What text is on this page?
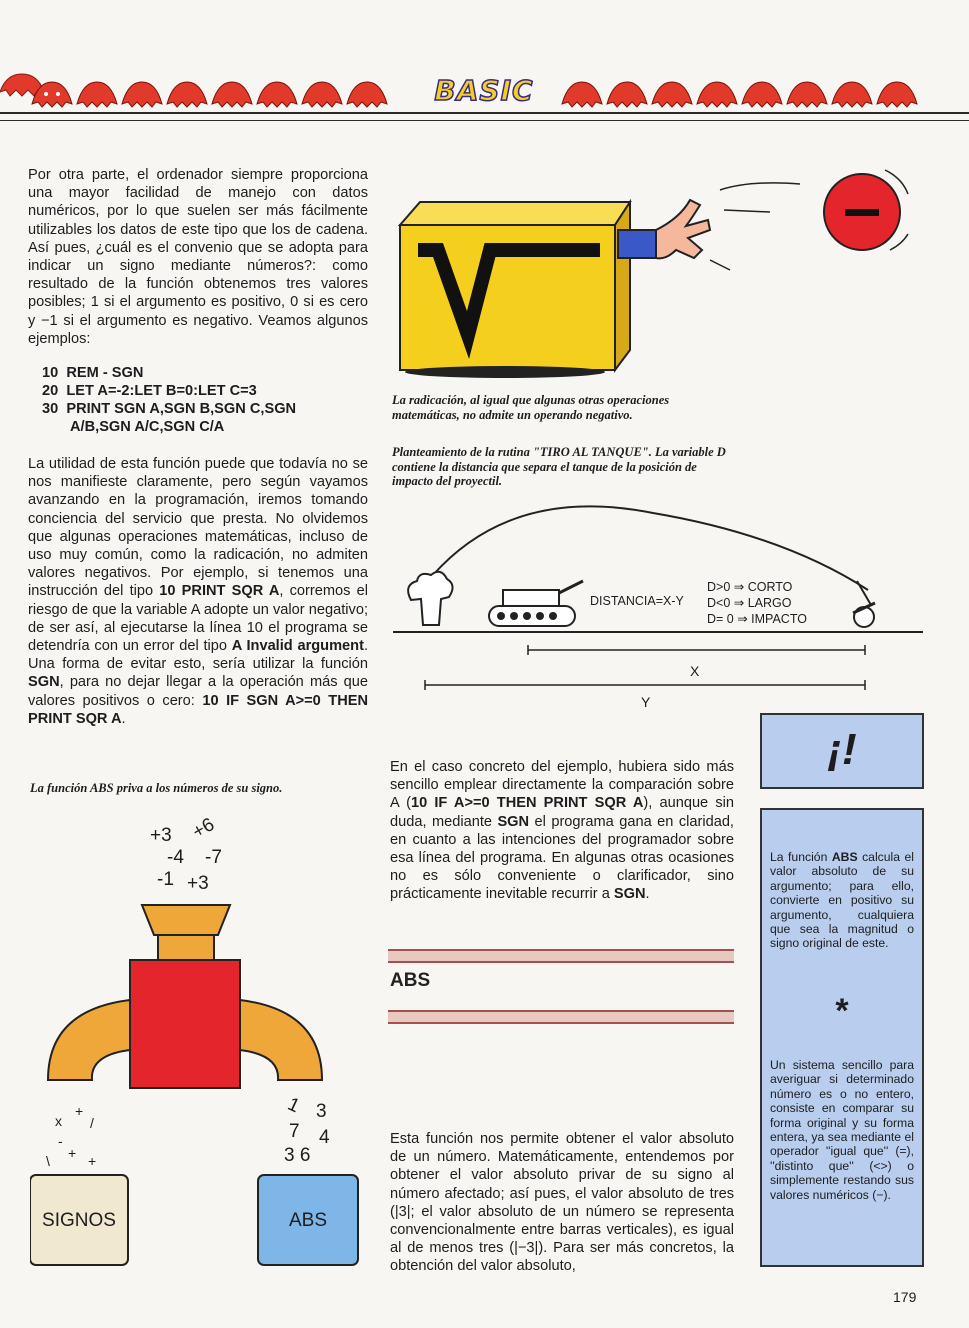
BASIC

Por otra parte, el ordenador siempre proporciona una mayor facilidad de manejo con datos numéricos, por lo que suelen ser más fácilmente utilizables los datos de este tipo que los de cadena. Así pues, ¿cuál es el convenio que se adopta para indicar un signo mediante números?: como resultado de la función obtenemos tres valores posibles; 1 si el argumento es positivo, 0 si es cero y −1 si el argumento es negativo. Veamos algunos ejemplos:

10  REM - SGN
20  LET A=-2:LET B=0:LET C=3
30  PRINT SGN A,SGN B,SGN C,SGN
A/B,SGN A/C,SGN C/A

La utilidad de esta función puede que todavía no se nos manifieste claramente, pero según vayamos avanzando en la programación, iremos tomando conciencia del servicio que presta. No olvidemos que algunas operaciones matemáticas, incluso de uso muy común, como la radicación, no admiten valores negativos. Por ejemplo, si tenemos una instrucción del tipo 10 PRINT SQR A, corremos el riesgo de que la variable A adopte un valor negativo; de ser así, al ejecutarse la línea 10 el programa se detendría con un error del tipo A Invalid argument. Una forma de evitar esto, sería utilizar la función SGN, para no dejar llegar a la operación más que valores positivos o cero: 10 IF SGN A>=0 THEN PRINT SQR A.

La función ABS priva a los números de su signo.
+3 +6
-4 -7
-1 +3
1 3
7 4
3 6
x
+
/
-
+
\	+
SIGNOS	ABS
La radicación, al igual que algunas otras operaciones matemáticas, no admite un operando negativo.
Planteamiento de la rutina "TIRO AL TANQUE". La variable D contiene la distancia que separa el tanque de la posición de impacto del proyectil.
DISTANCIA=X-Y
D>0 ⇒ CORTO
D<0 ⇒ LARGO
D= 0 ⇒ IMPACTO
X
Y

En el caso concreto del ejemplo, hubiera sido más sencillo emplear directamente la comparación sobre A (10 IF A>=0 THEN PRINT SQR A), aunque sin duda, mediante SGN el programa gana en claridad, en cuanto a las intenciones del programador sobre esa línea del programa. En algunas otras ocasiones no es sólo conveniente o clarificador, sino prácticamente inevitable recurrir a SGN.

ABS

Esta función nos permite obtener el valor absoluto de un número. Matemáticamente, entendemos por obtener el valor absoluto privar de su signo al número afectado; así pues, el valor absoluto de tres (|3|; el valor absoluto de un número se representa convencionalmente entre barras verticales), es igual al de menos tres (|−3|). Para ser más concretos, la obtención del valor absoluto,

¡!
La función ABS calcula el valor absoluto de su argumento; para ello, convierte en positivo su argumento, cualquiera que sea la magnitud o signo original de este.
*
Un sistema sencillo para averiguar si determinado número es o no entero, consiste en comparar su forma original y su forma entera, ya sea mediante el operador ''igual que'' (=), ''distinto que'' (<>) o simplemente restando sus valores numéricos (−).
179
